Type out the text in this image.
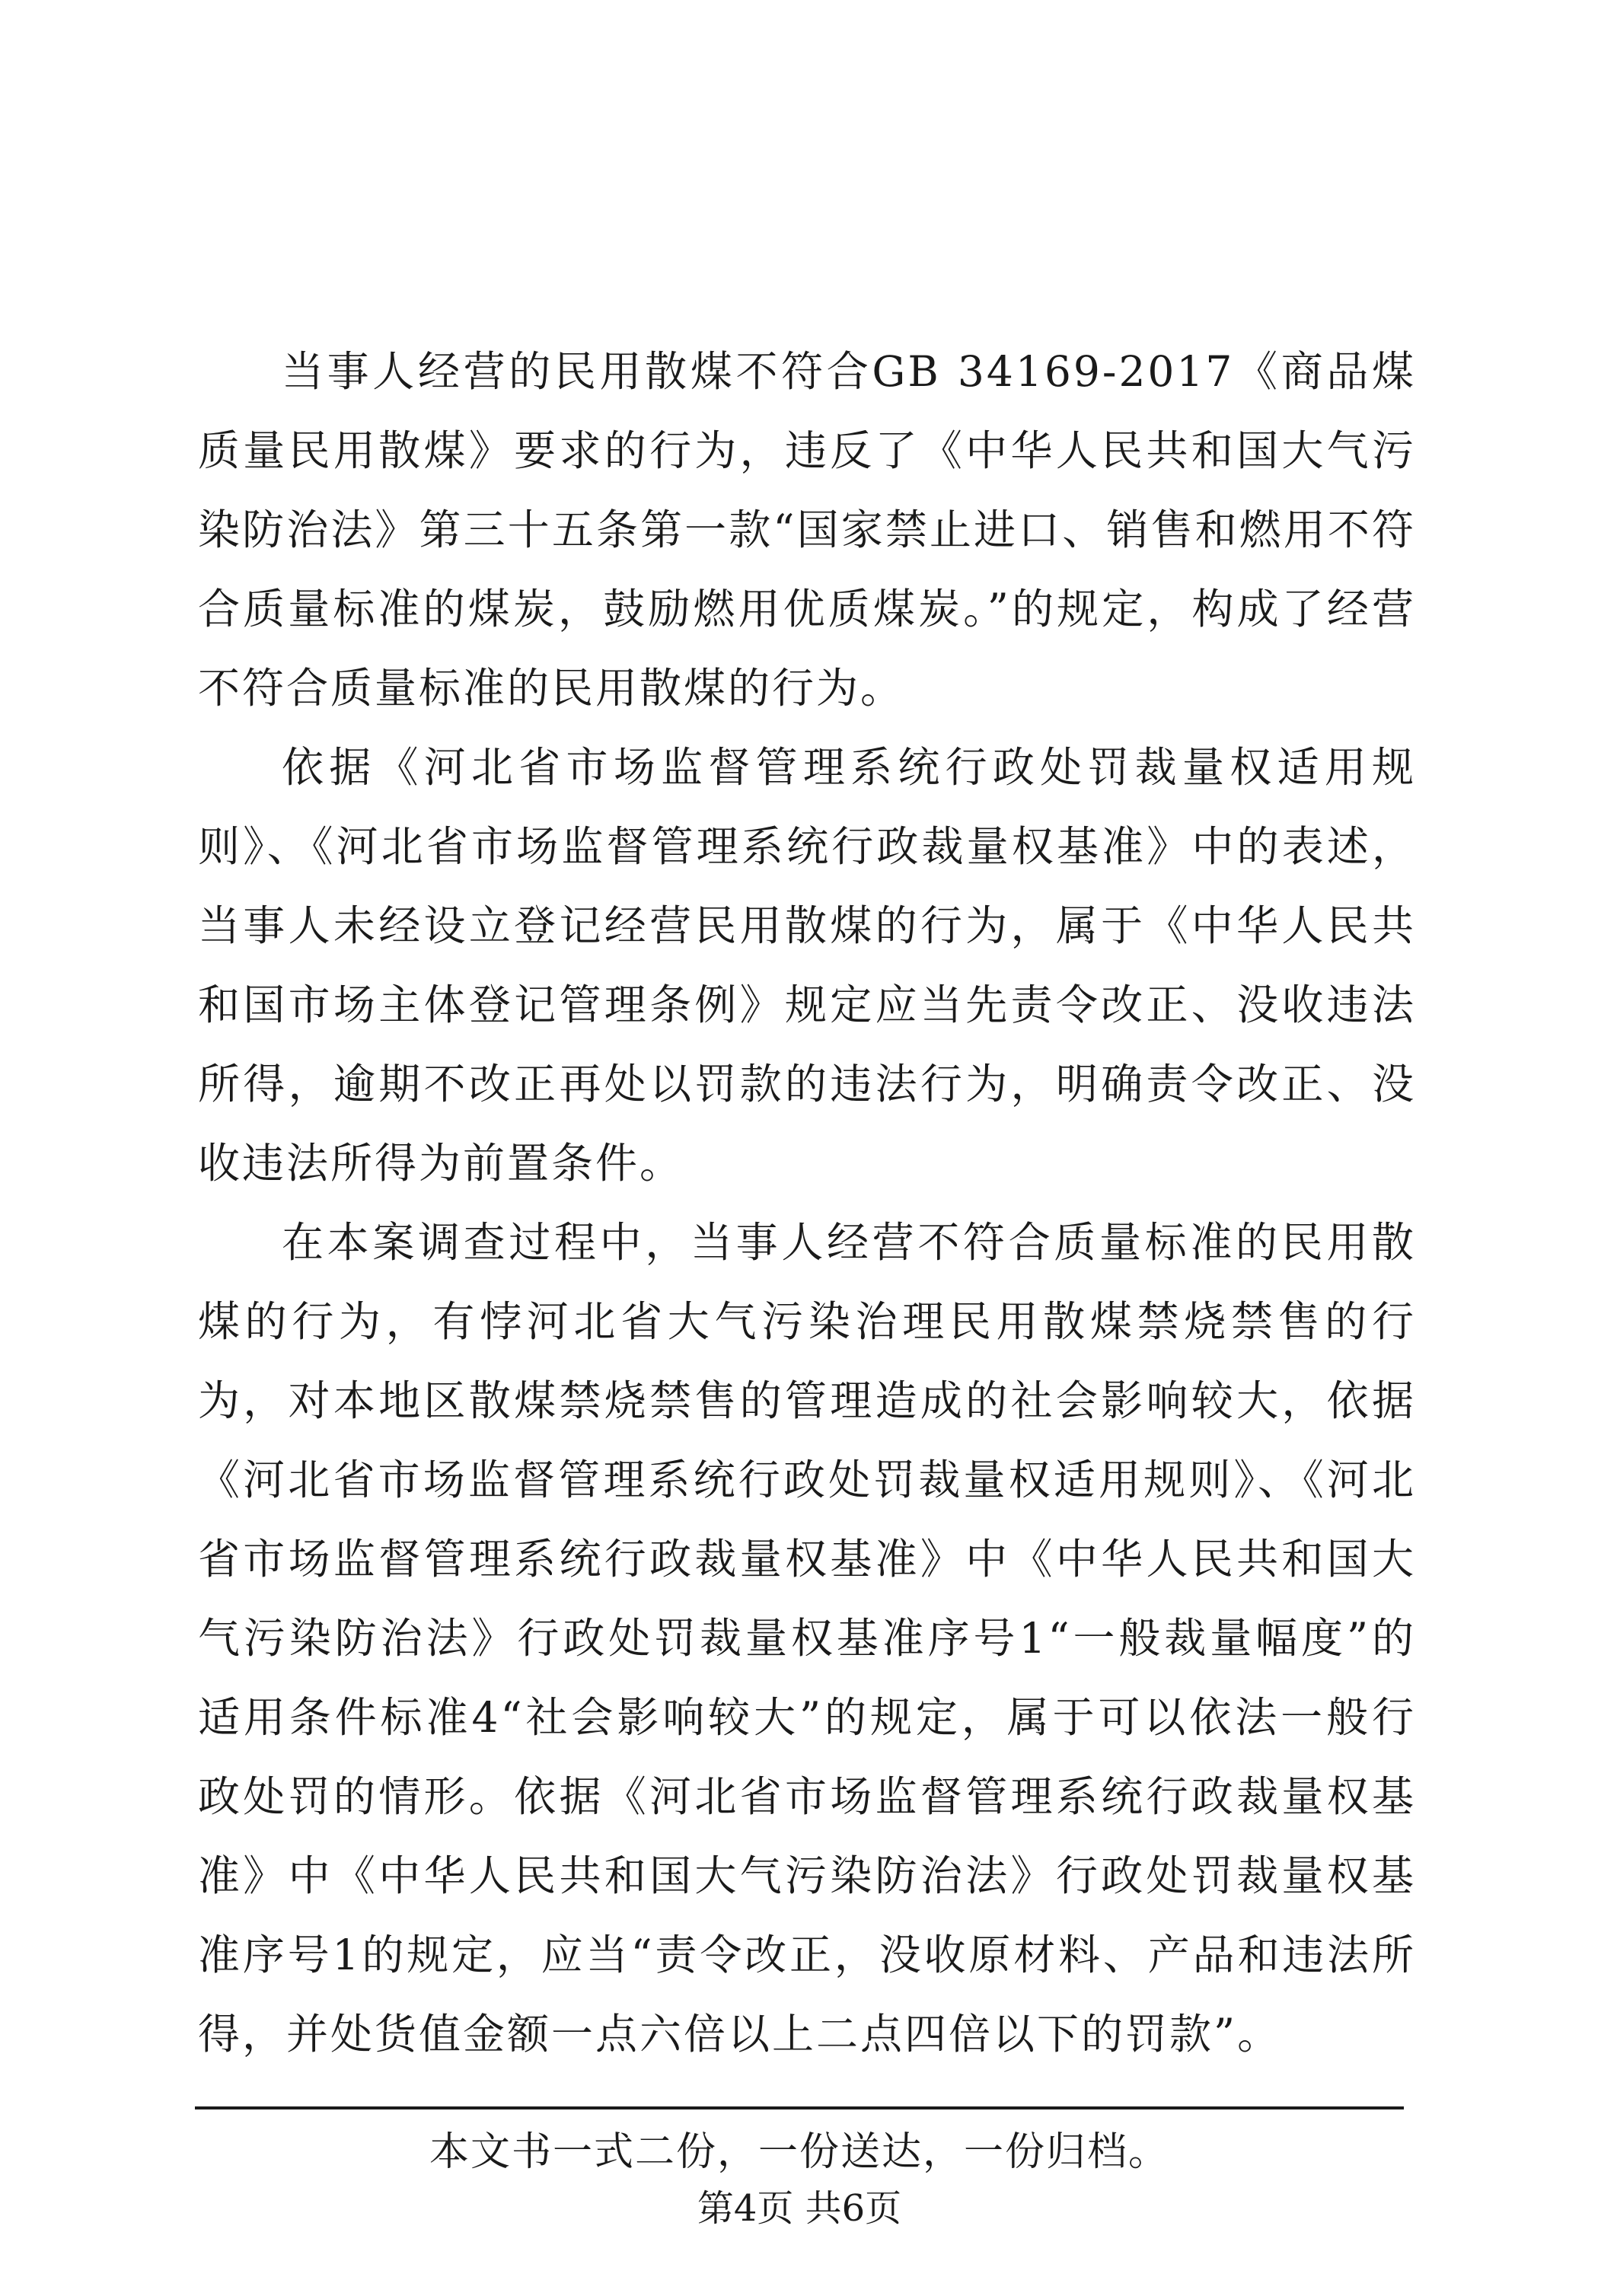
当事人经营的民用散煤不符合GB 34169-2017《商品煤质量民用散煤》要求的行为，违反了《中华人民共和国大气污染防治法》第三十五条第一款“国家禁止进口、销售和燃用不符合质量标准的煤炭，鼓励燃用优质煤炭。”的规定，构成了经营不符合质量标准的民用散煤的行为。

依据《河北省市场监督管理系统行政处罚裁量权适用规则》、《河北省市场监督管理系统行政裁量权基准》中的表述，当事人未经设立登记经营民用散煤的行为，属于《中华人民共和国市场主体登记管理条例》规定应当先责令改正、没收违法所得，逾期不改正再处以罚款的违法行为，明确责令改正、没收违法所得为前置条件。

在本案调查过程中，当事人经营不符合质量标准的民用散煤的行为，有悖河北省大气污染治理民用散煤禁烧禁售的行为，对本地区散煤禁烧禁售的管理造成的社会影响较大，依据《河北省市场监督管理系统行政处罚裁量权适用规则》、《河北省市场监督管理系统行政裁量权基准》中《中华人民共和国大气污染防治法》行政处罚裁量权基准序号1“一般裁量幅度”的适用条件标准4“社会影响较大”的规定，属于可以依法一般行政处罚的情形。依据《河北省市场监督管理系统行政裁量权基准》中《中华人民共和国大气污染防治法》行政处罚裁量权基准序号1的规定，应当“责令改正，没收原材料、产品和违法所得，并处货值金额一点六倍以上二点四倍以下的罚款”。

本文书一式二份，一份送达，一份归档。
第4页 共6页
